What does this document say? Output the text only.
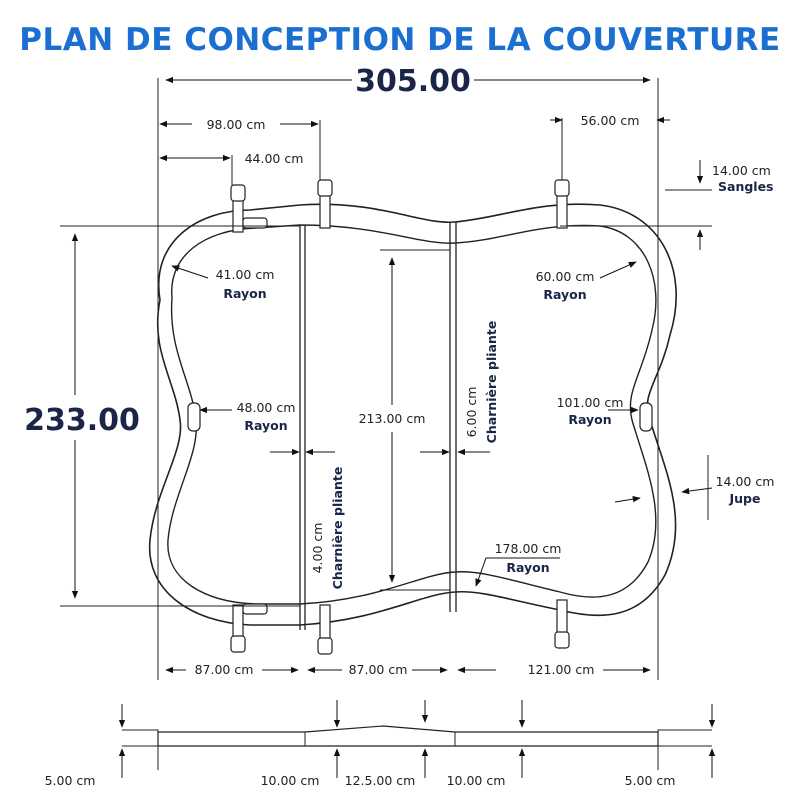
PLAN DE CONCEPTION DE LA COUVERTURE
305.00
98.00 cm
44.00 cm
56.00 cm
14.00 cm
Sangles
233.00
41.00 cm
Rayon
60.00 cm
Rayon
48.00 cm
Rayon
101.00 cm
Rayon
213.00 cm	6.00 cm Charnière pliante
4.00 cm Charnière pliante	14.00 cm
Jupe
178.00 cm
Rayon
87.00 cm	87.00 cm	121.00 cm
5.00 cm	10.00 cm 12.5.00 cm 10.00 cm	5.00 cm
